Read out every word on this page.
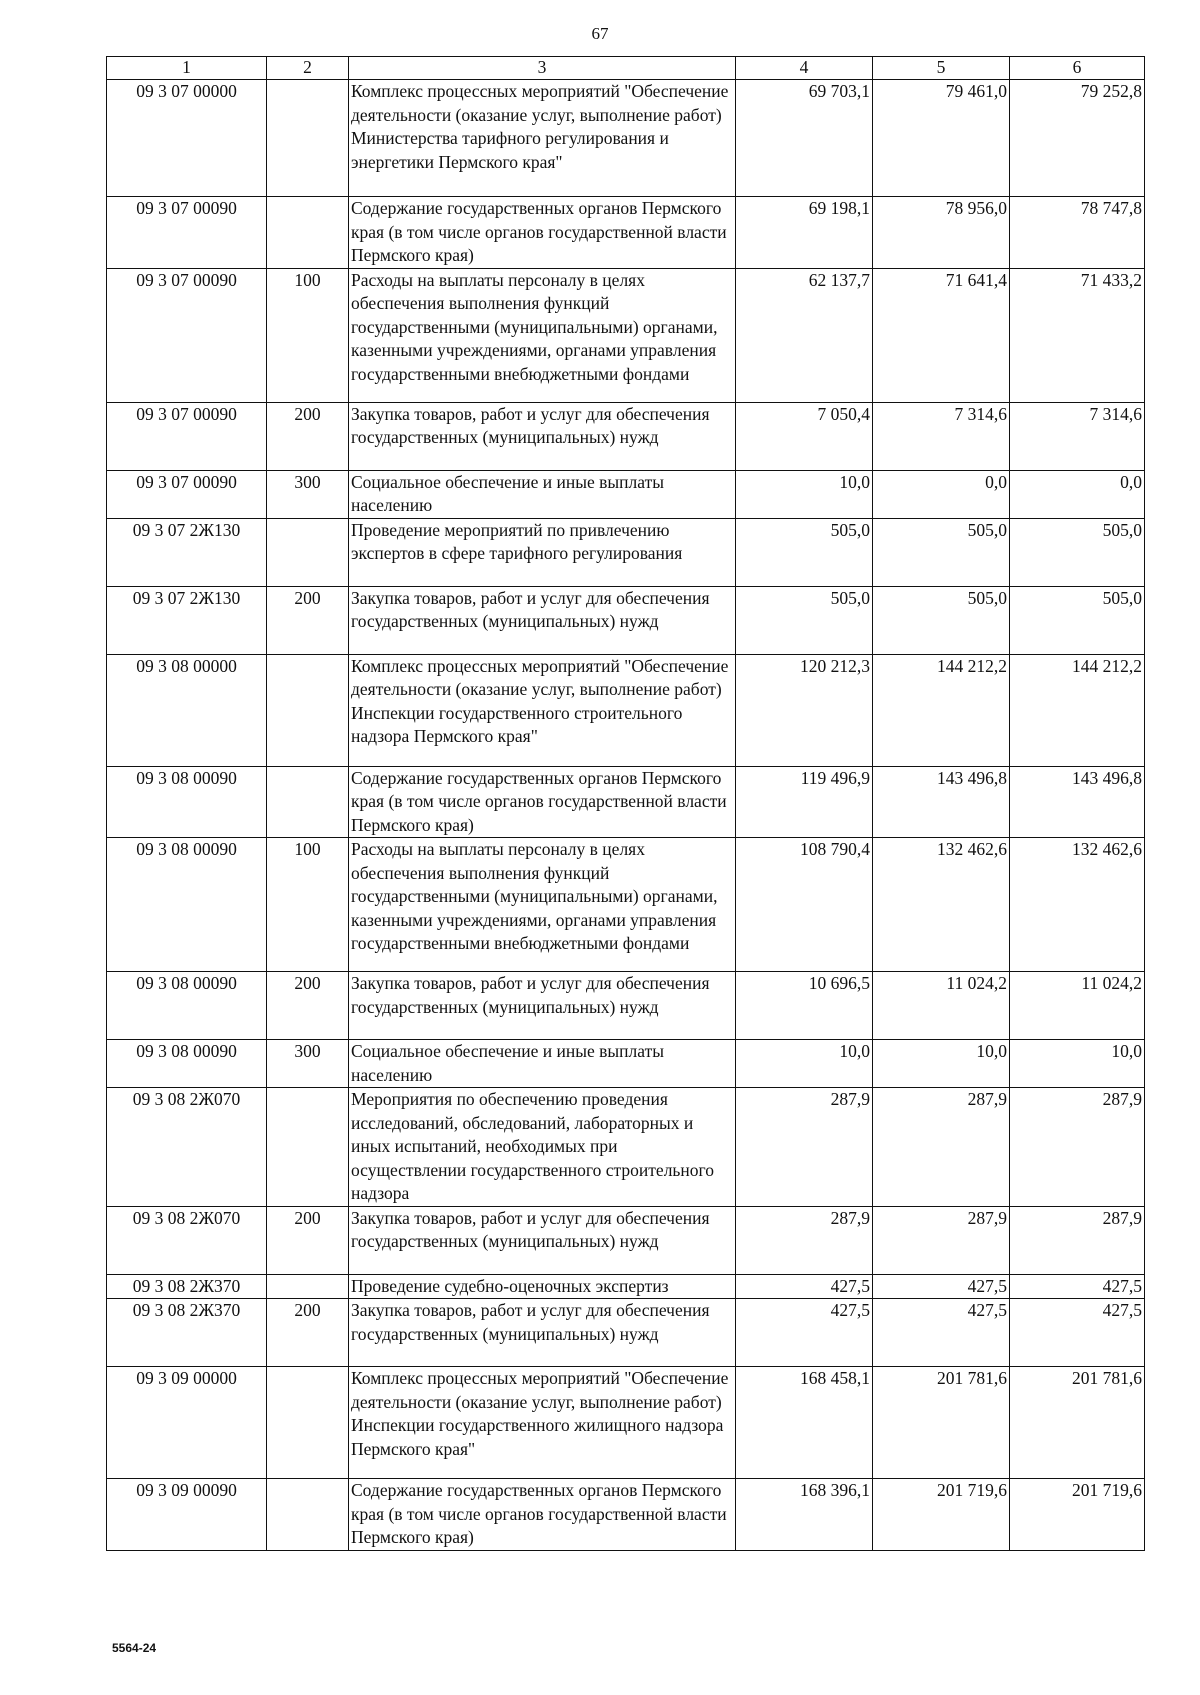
67
1	2	3	4	5	6
09 3 07 00000		Комплекс процессных мероприятий "Обеспечение деятельности (оказание услуг, выполнение работ) Министерства тарифного регулирования и энергетики Пермского края"	69 703,1	79 461,0	79 252,8
09 3 07 00090		Содержание государственных органов Пермского края (в том числе органов государственной власти Пермского края)	69 198,1	78 956,0	78 747,8
09 3 07 00090	100	Расходы на выплаты персоналу в целях обеспечения выполнения функций государственными (муниципальными) органами, казенными учреждениями, органами управления государственными внебюджетными фондами	62 137,7	71 641,4	71 433,2
09 3 07 00090	200	Закупка товаров, работ и услуг для обеспечения государственных (муниципальных) нужд	7 050,4	7 314,6	7 314,6
09 3 07 00090	300	Социальное обеспечение и иные выплаты населению	10,0	0,0	0,0
09 3 07 2Ж130		Проведение мероприятий по привлечению экспертов в сфере тарифного регулирования	505,0	505,0	505,0
09 3 07 2Ж130	200	Закупка товаров, работ и услуг для обеспечения государственных (муниципальных) нужд	505,0	505,0	505,0
09 3 08 00000		Комплекс процессных мероприятий "Обеспечение деятельности (оказание услуг, выполнение работ) Инспекции государственного строительного надзора Пермского края"	120 212,3	144 212,2	144 212,2
09 3 08 00090		Содержание государственных органов Пермского края (в том числе органов государственной власти Пермского края)	119 496,9	143 496,8	143 496,8
09 3 08 00090	100	Расходы на выплаты персоналу в целях обеспечения выполнения функций государственными (муниципальными) органами, казенными учреждениями, органами управления государственными внебюджетными фондами	108 790,4	132 462,6	132 462,6
09 3 08 00090	200	Закупка товаров, работ и услуг для обеспечения государственных (муниципальных) нужд	10 696,5	11 024,2	11 024,2
09 3 08 00090	300	Социальное обеспечение и иные выплаты населению	10,0	10,0	10,0
09 3 08 2Ж070		Мероприятия по обеспечению проведения исследований, обследований, лабораторных и иных испытаний, необходимых при осуществлении государственного строительного надзора	287,9	287,9	287,9
09 3 08 2Ж070	200	Закупка товаров, работ и услуг для обеспечения государственных (муниципальных) нужд	287,9	287,9	287,9
09 3 08 2Ж370		Проведение судебно-оценочных экспертиз	427,5	427,5	427,5
09 3 08 2Ж370	200	Закупка товаров, работ и услуг для обеспечения государственных (муниципальных) нужд	427,5	427,5	427,5
09 3 09 00000		Комплекс процессных мероприятий "Обеспечение деятельности (оказание услуг, выполнение работ) Инспекции государственного жилищного надзора Пермского края"	168 458,1	201 781,6	201 781,6
09 3 09 00090		Содержание государственных органов Пермского края (в том числе органов государственной власти Пермского края)	168 396,1	201 719,6	201 719,6
5564-24
